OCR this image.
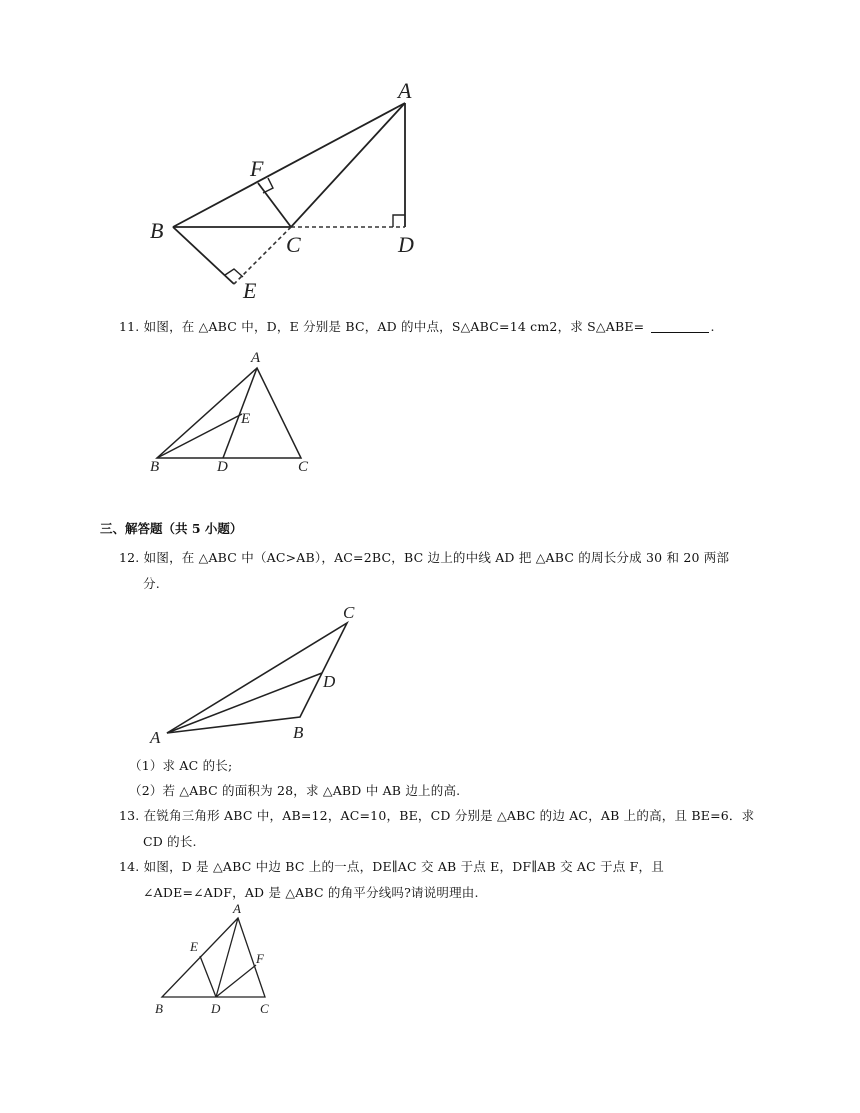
A
F
B
C	D
E
11. 如图，在 △ABC 中，D，E 分别是 BC，AD 的中点，S△ABC=14 cm2，求 S△ABE=	.
A
E
B	D	C
三、解答题（共 5 小题）
12. 如图，在 △ABC 中（AC>AB），AC=2BC，BC 边上的中线 AD 把 △ABC 的周长分成 30 和 20 两部
分.
C
D
A	B
（1）求 AC 的长;
（2）若 △ABC 的面积为 28，求 △ABD 中 AB 边上的高.
13. 在锐角三角形 ABC 中，AB=12，AC=10，BE，CD 分别是 △ABC 的边 AC，AB 上的高，且 BE=6．求
CD 的长.
14. 如图，D 是 △ABC 中边 BC 上的一点，DE∥AC 交 AB 于点 E，DF∥AB 交 AC 于点 F，且
∠ADE=∠ADF，AD 是 △ABC 的角平分线吗?请说明理由.
A
E
F
B	D	C
